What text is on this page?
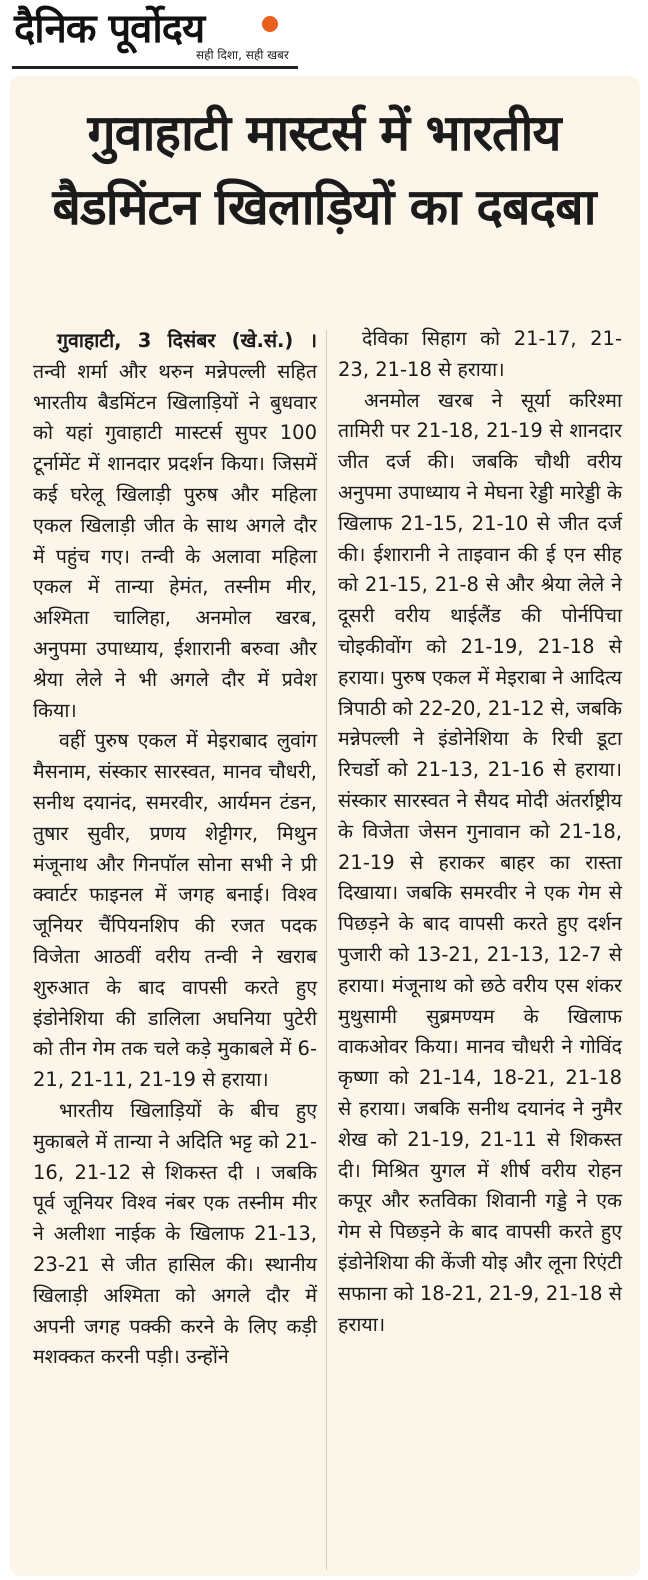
दैनिक पूर्वोदय
सही दिशा, सही खबर
गुवाहाटी मास्टर्स में भारतीय
बैडमिंटन खिलाड़ियों का दबदबा

गुवाहाटी, 3 दिसंबर (खे.सं.) । तन्वी शर्मा और थरुन मन्नेपल्ली सहित भारतीय बैडमिंटन खिलाड़ियों ने बुधवार को यहां गुवाहाटी मास्टर्स सुपर 100 टूर्नामेंट में शानदार प्रदर्शन किया। जिसमें कई घरेलू खिलाड़ी पुरुष और महिला एकल खिलाड़ी जीत के साथ अगले दौर में पहुंच गए। तन्वी के अलावा महिला एकल में तान्या हेमंत, तस्नीम मीर, अश्मिता चालिहा, अनमोल खरब, अनुपमा उपाध्याय, ईशारानी बरुवा और श्रेया लेले ने भी अगले दौर में प्रवेश किया।

वहीं पुरुष एकल में मेइराबाद लुवांग मैसनाम, संस्कार सारस्वत, मानव चौधरी, सनीथ दयानंद, समरवीर, आर्यमन टंडन, तुषार सुवीर, प्रणय शेट्टीगर, मिथुन मंजूनाथ और गिनपॉल सोना सभी ने प्री क्वार्टर फाइनल में जगह बनाई। विश्व जूनियर चैंपियनशिप की रजत पदक विजेता आठवीं वरीय तन्वी ने खराब शुरुआत के बाद वापसी करते हुए इंडोनेशिया की डालिला अघनिया पुटेरी को तीन गेम तक चले कड़े मुकाबले में 6-21, 21-11, 21-19 से हराया।

भारतीय खिलाड़ियों के बीच हुए मुकाबले में तान्या ने अदिति भट्ट को 21-16, 21-12 से शिकस्त दी । जबकि पूर्व जूनियर विश्व नंबर एक तस्नीम मीर ने अलीशा नाईक के खिलाफ 21-13, 23-21 से जीत हासिल की। स्थानीय खिलाड़ी अश्मिता को अगले दौर में अपनी जगह पक्की करने के लिए कड़ी मशक्कत करनी पड़ी। उन्होंने

देविका सिहाग को 21-17, 21-23, 21-18 से हराया।

अनमोल खरब ने सूर्या करिश्मा तामिरी पर 21-18, 21-19 से शानदार जीत दर्ज की। जबकि चौथी वरीय अनुपमा उपाध्याय ने मेघना रेड्डी मारेड्डी के खिलाफ 21-15, 21-10 से जीत दर्ज की। ईशारानी ने ताइवान की ई एन सीह को 21-15, 21-8 से और श्रेया लेले ने दूसरी वरीय थाईलैंड की पोर्नपिचा चोइकीवोंग को 21-19, 21-18 से हराया। पुरुष एकल में मेइराबा ने आदित्य त्रिपाठी को 22-20, 21-12 से, जबकि मन्नेपल्ली ने इंडोनेशिया के रिची डूटा रिचर्डो को 21-13, 21-16 से हराया। संस्कार सारस्वत ने सैयद मोदी अंतर्राष्ट्रीय के विजेता जेसन गुनावान को 21-18, 21-19 से हराकर बाहर का रास्ता दिखाया। जबकि समरवीर ने एक गेम से पिछड़ने के बाद वापसी करते हुए दर्शन पुजारी को 13-21, 21-13, 12-7 से हराया। मंजूनाथ को छठे वरीय एस शंकर मुथुसामी सुब्रमण्यम के खिलाफ वाकओवर किया। मानव चौधरी ने गोविंद कृष्णा को 21-14, 18-21, 21-18 से हराया। जबकि सनीथ दयानंद ने नुमैर शेख को 21-19, 21-11 से शिकस्त दी। मिश्रित युगल में शीर्ष वरीय रोहन कपूर और रुतविका शिवानी गड्डे ने एक गेम से पिछड़ने के बाद वापसी करते हुए इंडोनेशिया की केंजी योइ और लूना रिएंटी सफाना को 18-21, 21-9, 21-18 से हराया।
